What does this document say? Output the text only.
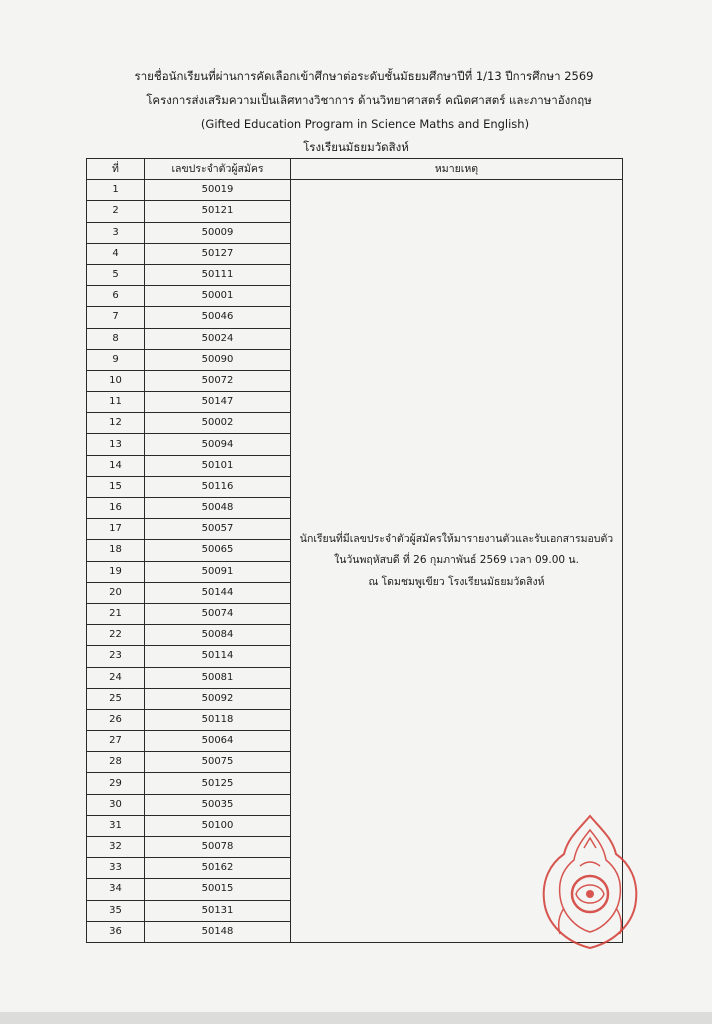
รายชื่อนักเรียนที่ผ่านการคัดเลือกเข้าศึกษาต่อระดับชั้นมัธยมศึกษาปีที่ 1/13 ปีการศึกษา 2569
โครงการส่งเสริมความเป็นเลิศทางวิชาการ ด้านวิทยาศาสตร์ คณิตศาสตร์ และภาษาอังกฤษ
(Gifted Education Program in Science Maths and English)
โรงเรียนมัธยมวัดสิงห์
ที่	เลขประจำตัวผู้สมัคร	หมายเหตุ
1	50019	นักเรียนที่มีเลขประจำตัวผู้สมัครให้มารายงานตัวและรับเอกสารมอบตัว
ในวันพฤหัสบดี ที่ 26 กุมภาพันธ์ 2569 เวลา 09.00 น.
ณ โดมชมพูเขียว โรงเรียนมัธยมวัดสิงห์

2	50121	
3	50009	
4	50127	
5	50111	
6	50001	
7	50046	
8	50024	
9	50090	
10	50072	
11	50147	
12	50002	
13	50094	
14	50101	
15	50116	
16	50048	
17	50057	
18	50065	
19	50091	
20	50144	
21	50074	
22	50084	
23	50114	
24	50081	
25	50092	
26	50118	
27	50064	
28	50075	
29	50125	
30	50035	
31	50100	
32	50078	
33	50162	
34	50015	
35	50131	
36	50148	
